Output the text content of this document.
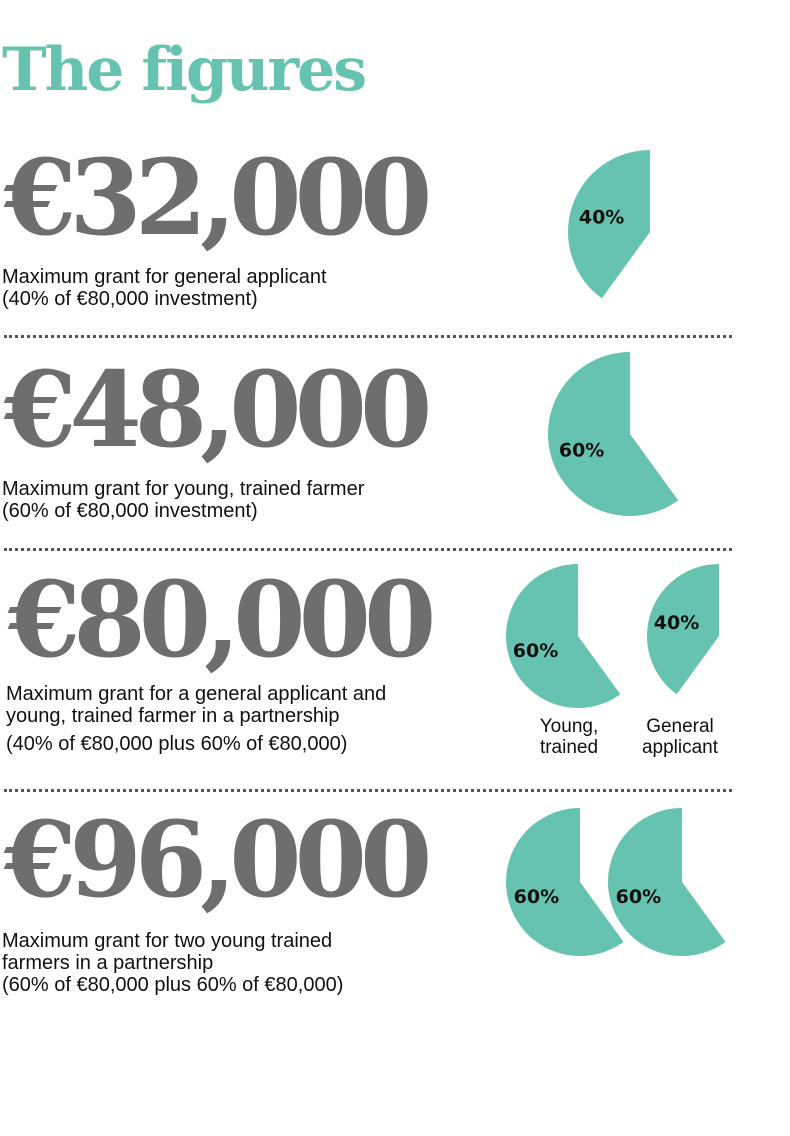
The figures
€32,000
Maximum grant for general applicant
(40% of €80,000 investment)
€48,000
Maximum grant for young, trained farmer
(60% of €80,000 investment)
€80,000
Maximum grant for a general applicant and
young, trained farmer in a partnership
(40% of €80,000 plus 60% of €80,000)
€96,000
Maximum grant for two young trained
farmers in a partnership
(60% of €80,000 plus 60% of €80,000)
40%
60%
60%
40%
60%	60%
Young,
trained
General
applicant
